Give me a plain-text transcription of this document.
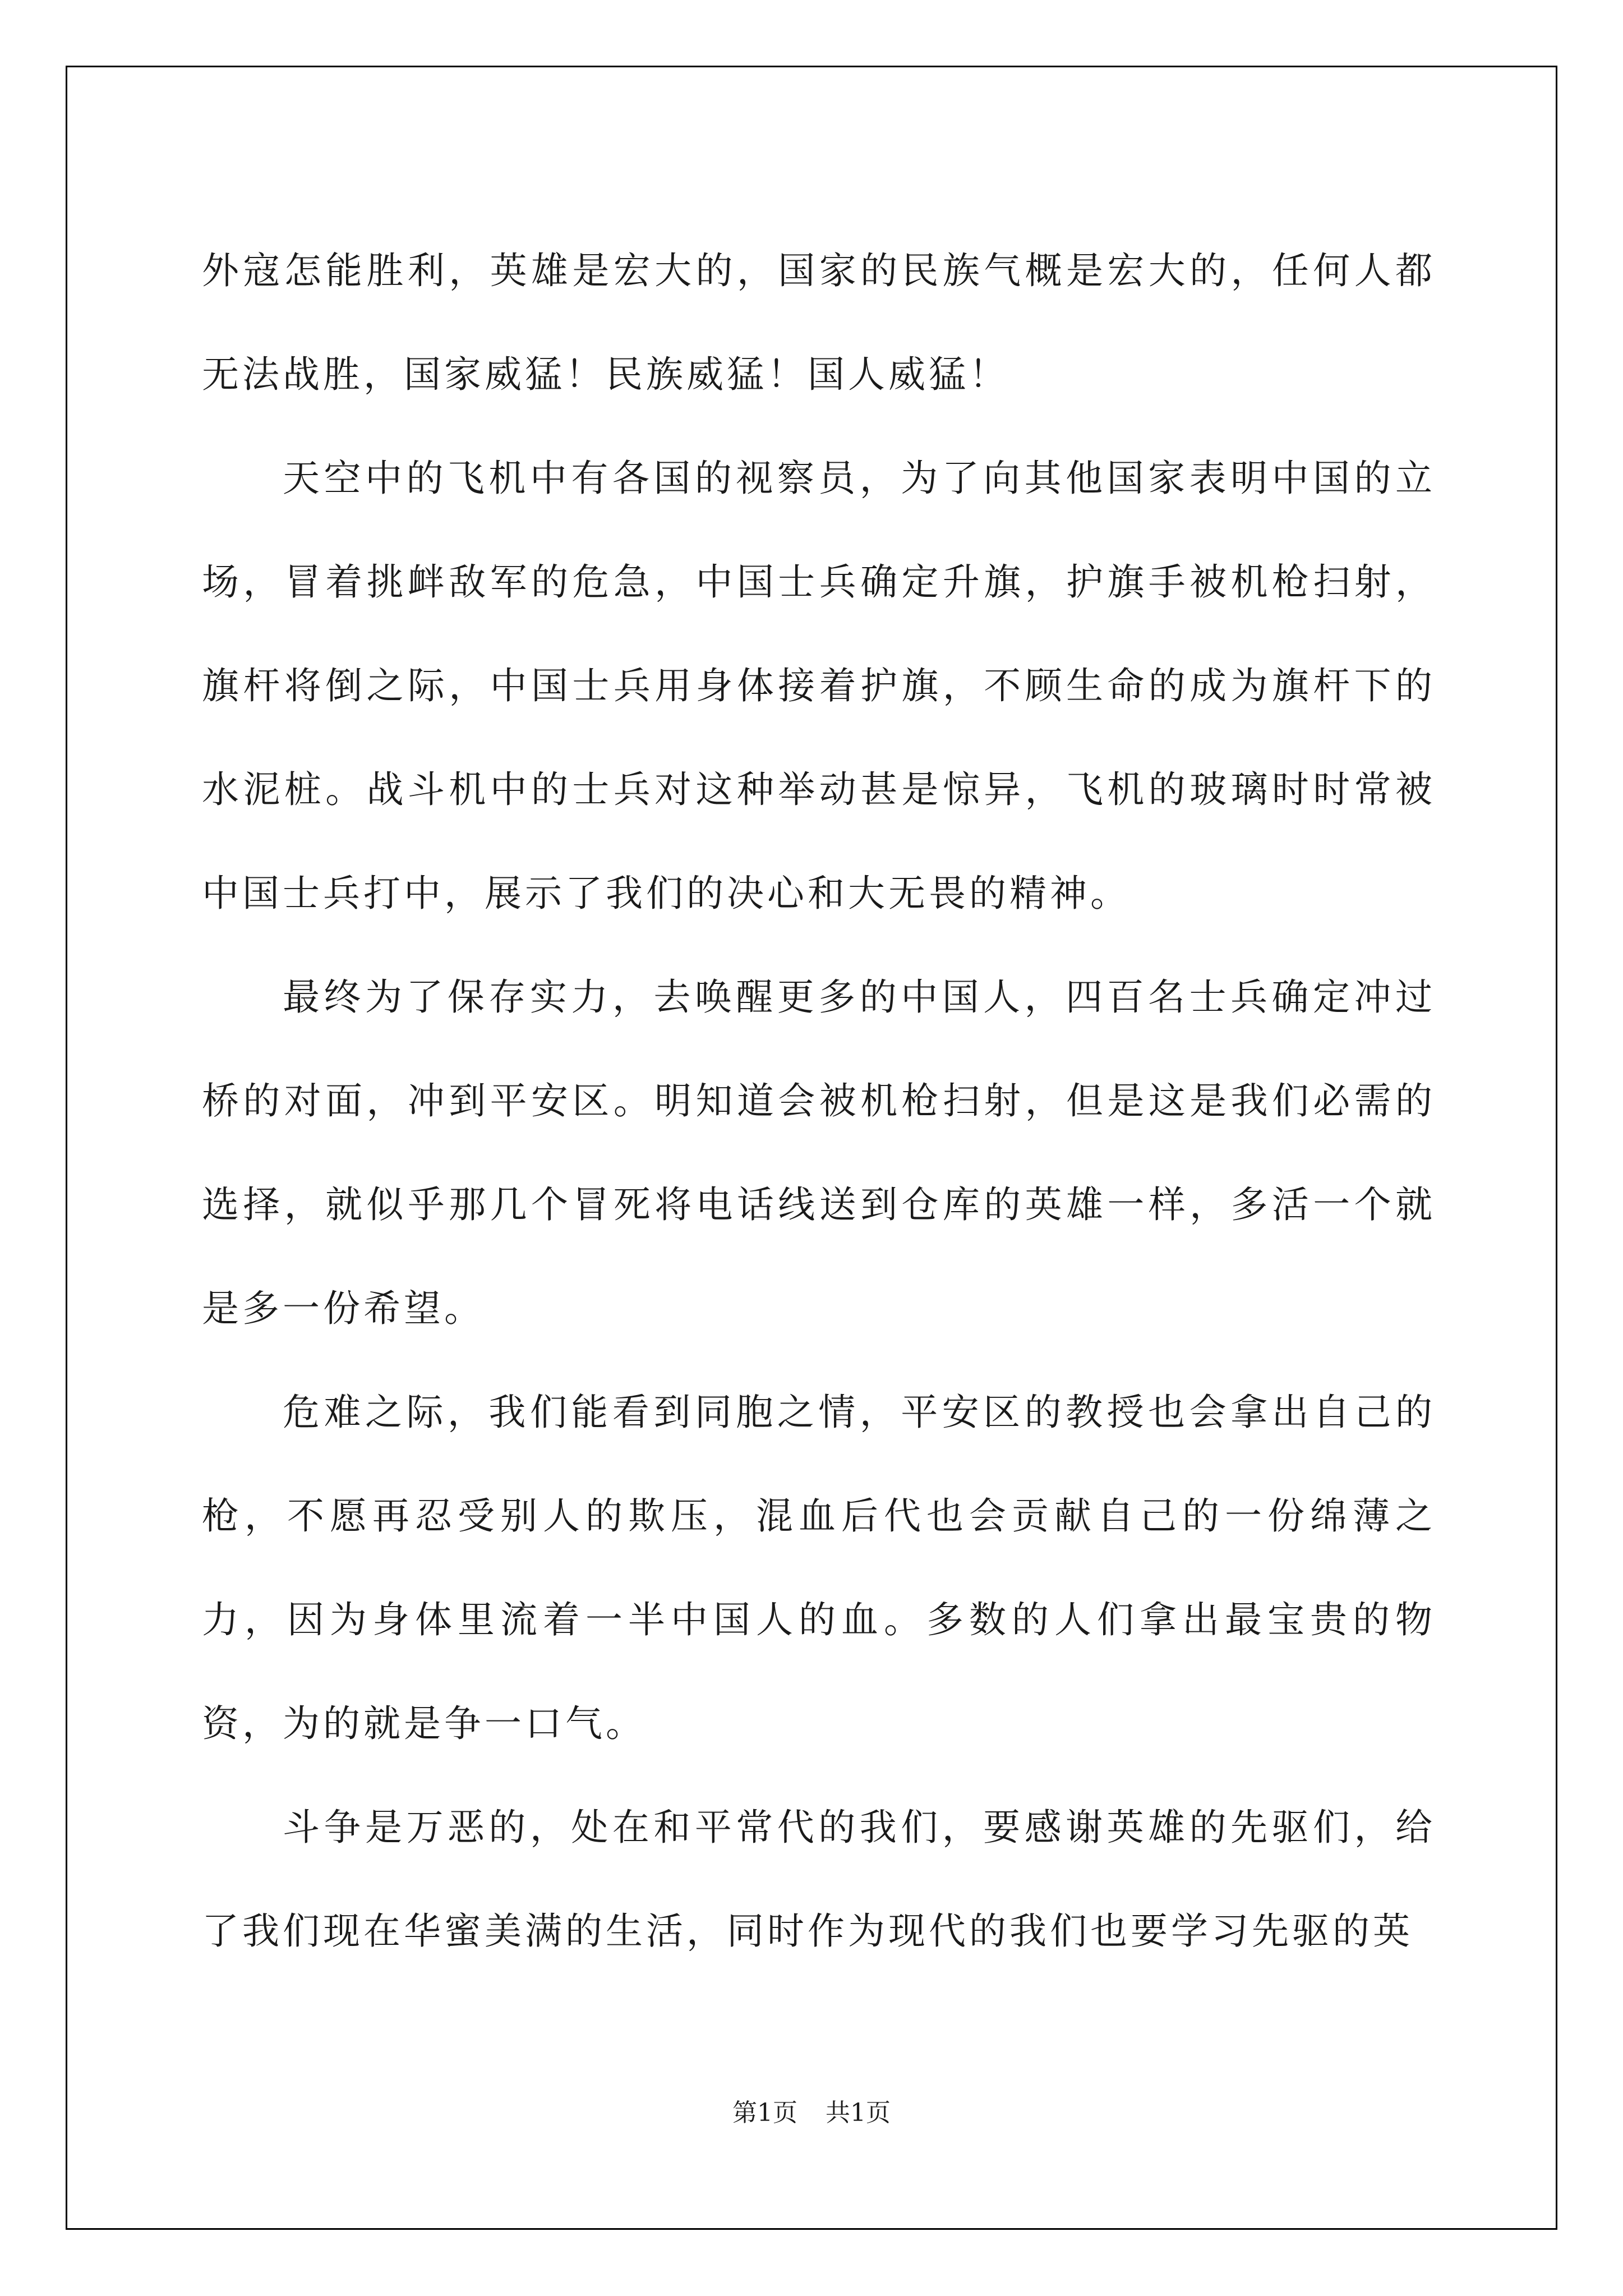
外寇怎能胜利，英雄是宏大的，国家的民族气概是宏大的，任何人都无法战胜，国家威猛！民族威猛！国人威猛！

天空中的飞机中有各国的视察员，为了向其他国家表明中国的立场，冒着挑衅敌军的危急，中国士兵确定升旗，护旗手被机枪扫射，旗杆将倒之际，中国士兵用身体接着护旗，不顾生命的成为旗杆下的水泥桩。战斗机中的士兵对这种举动甚是惊异，飞机的玻璃时时常被中国士兵打中，展示了我们的决心和大无畏的精神。

最终为了保存实力，去唤醒更多的中国人，四百名士兵确定冲过桥的对面，冲到平安区。明知道会被机枪扫射，但是这是我们必需的选择，就似乎那几个冒死将电话线送到仓库的英雄一样，多活一个就是多一份希望。

危难之际，我们能看到同胞之情，平安区的教授也会拿出自己的枪，不愿再忍受别人的欺压，混血后代也会贡献自己的一份绵薄之力，因为身体里流着一半中国人的血。多数的人们拿出最宝贵的物资，为的就是争一口气。

斗争是万恶的，处在和平常代的我们，要感谢英雄的先驱们，给了我们现在华蜜美满的生活，同时作为现代的我们也要学习先驱的英

第1页 共1页
